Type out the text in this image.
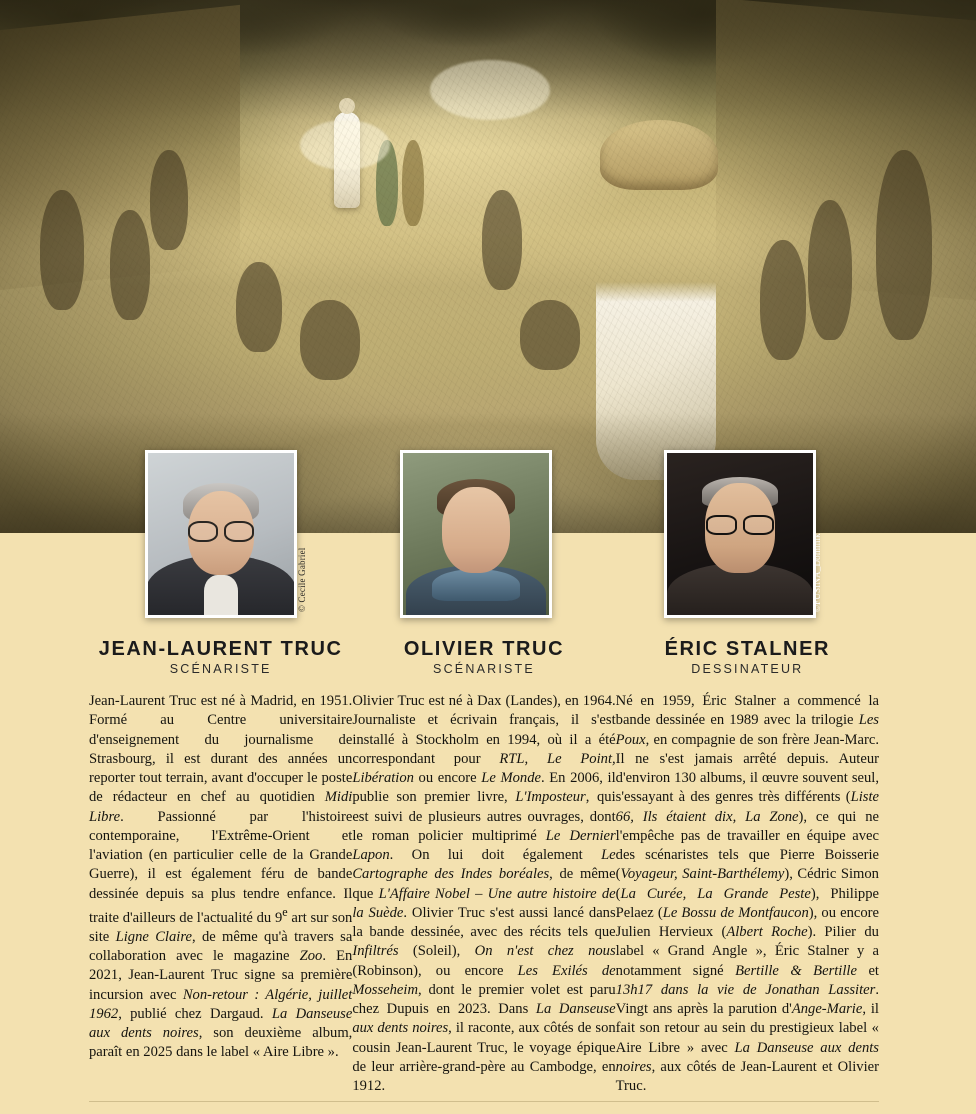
© Cecile Gabriel
JEAN-LAURENT TRUC
SCÉNARISTE
Jean-Laurent Truc est né à Madrid, en 1951. Formé au Centre universitaire d'enseignement du journalisme de Strasbourg, il est durant des années un reporter tout terrain, avant d'occuper le poste de rédacteur en chef au quotidien Midi Libre. Passionné par l'histoire contemporaine, l'Extrême-Orient et l'aviation (en particulier celle de la Grande Guerre), il est également féru de bande dessinée depuis sa plus tendre enfance. Il traite d'ailleurs de l'actualité du 9e art sur son site Ligne Claire, de même qu'à travers sa collaboration avec le magazine Zoo. En 2021, Jean-Laurent Truc signe sa première incursion avec Non-retour : Algérie, juillet 1962, publié chez Dargaud. La Danseuse aux dents noires, son deuxième album, paraît en 2025 dans le label « Aire Libre ».
OLIVIER TRUC
SCÉNARISTE
Olivier Truc est né à Dax (Landes), en 1964. Journaliste et écrivain français, il s'est installé à Stockholm en 1994, où il a été correspondant pour RTL, Le Point, Libération ou encore Le Monde. En 2006, il publie son premier livre, L'Imposteur, qui est suivi de plusieurs autres ouvrages, dont le roman policier multiprimé Le Dernier Lapon. On lui doit également Le Cartographe des Indes boréales, de même que L'Affaire Nobel – Une autre histoire de la Suède. Olivier Truc s'est aussi lancé dans la bande dessinée, avec des récits tels que Infiltrés (Soleil), On n'est chez nous (Robinson), ou encore Les Exilés de Mosseheim, dont le premier volet est paru chez Dupuis en 2023. Dans La Danseuse aux dents noires, il raconte, aux côtés de son cousin Jean-Laurent Truc, le voyage épique de leur arrière-grand-père au Cambodge, en 1912.
©FUSINA_Dominik
ÉRIC STALNER
DESSINATEUR
Né en 1959, Éric Stalner a commencé la bande dessinée en 1989 avec la trilogie Les Poux, en compagnie de son frère Jean-Marc. Il ne s'est jamais arrêté depuis. Auteur d'environ 130 albums, il œuvre souvent seul, s'essayant à des genres très différents (Liste 66, Ils étaient dix, La Zone), ce qui ne l'empêche pas de travailler en équipe avec des scénaristes tels que Pierre Boisserie (Voyageur, Saint-Barthélemy), Cédric Simon (La Curée, La Grande Peste), Philippe Pelaez (Le Bossu de Montfaucon), ou encore Julien Hervieux (Albert Roche). Pilier du label « Grand Angle », Éric Stalner y a notamment signé Bertille & Bertille et 13h17 dans la vie de Jonathan Lassiter. Vingt ans après la parution d'Ange-Marie, il fait son retour au sein du prestigieux label « Aire Libre » avec La Danseuse aux dents noires, aux côtés de Jean-Laurent et Olivier Truc.
